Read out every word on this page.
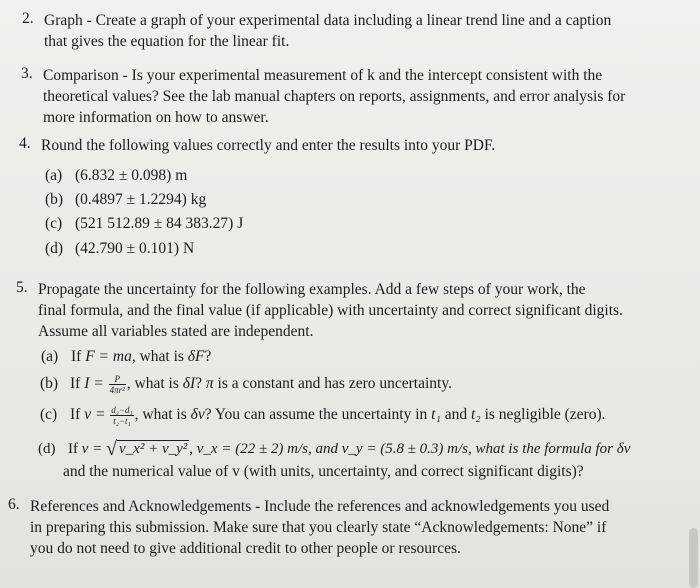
2. Graph - Create a graph of your experimental data including a linear trend line and a caption
that gives the equation for the linear fit.
3. Comparison - Is your experimental measurement of k and the intercept consistent with the
theoretical values? See the lab manual chapters on reports, assignments, and error analysis for
more information on how to answer.
4. Round the following values correctly and enter the results into your PDF.
(a) (6.832 ± 0.098) m
(b) (0.4897 ± 1.2294) kg
(c) (521 512.89 ± 84 383.27) J
(d) (42.790 ± 0.101) N
5. Propagate the uncertainty for the following examples. Add a few steps of your work, the
final formula, and the final value (if applicable) with uncertainty and correct significant digits.
Assume all variables stated are independent.
(a) If F = ma, what is δF?
(b) If $I = \frac{P}{\text{4πr²}}$ , what is δI? π is a constant and has zero uncertainty.
(c) If $v = \frac{\text{d₂−d₁}}{\text{t₂−t₁}}$ , what is δv? You can assume the uncertainty in t₁ and t₂ is negligible (zero).
(d) If v = √ v_x² + v_y² , v_x = (22 ± 2) m/s, and v_y = (5.8 ± 0.3) m/s, what is the formula for δv
and the numerical value of v (with units, uncertainty, and correct significant digits)?
6. References and Acknowledgements - Include the references and acknowledgements you used
in preparing this submission. Make sure that you clearly state “Acknowledgements: None” if
you do not need to give additional credit to other people or resources.
